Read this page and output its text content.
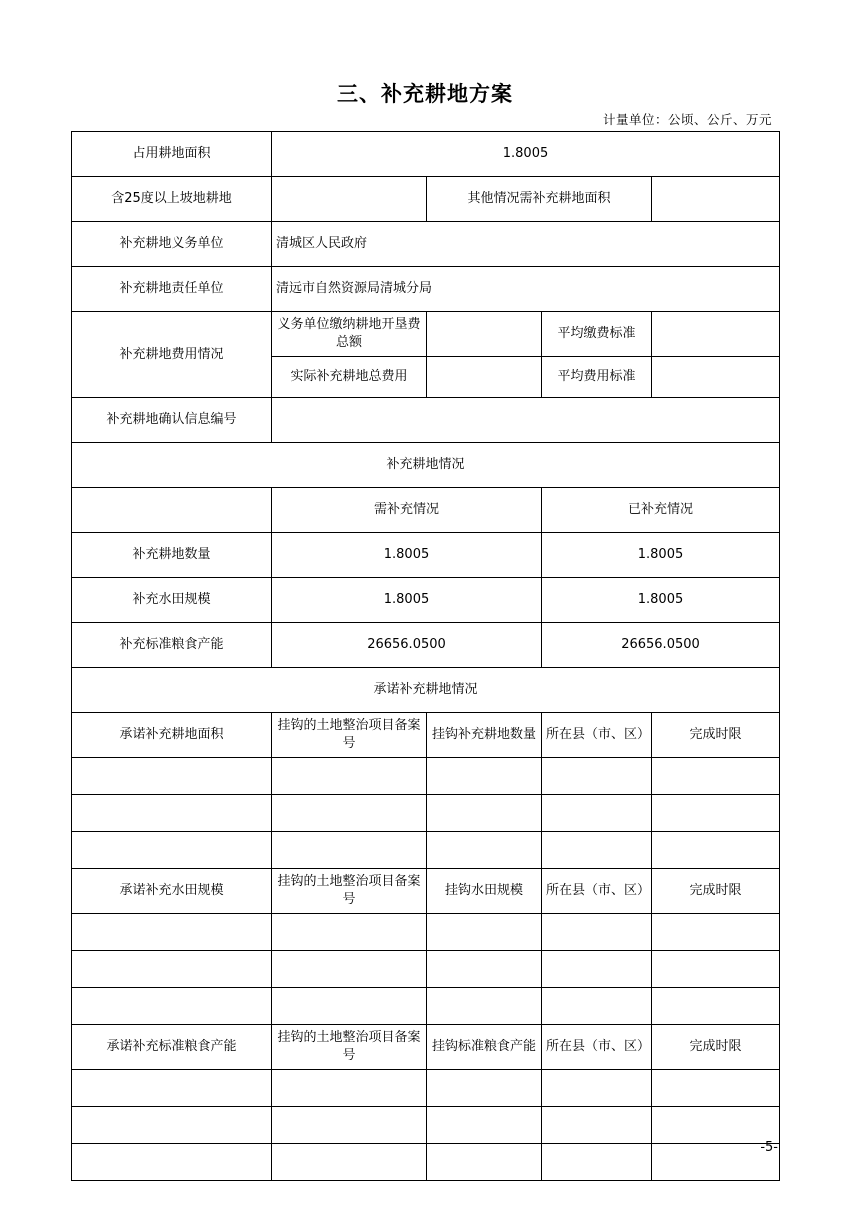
三、补充耕地方案
计量单位：公顷、公斤、万元
占用耕地面积	1.8005			
含25度以上坡地耕地		其他情况需补充耕地面积		
补充耕地义务单位	清城区人民政府			
补充耕地责任单位	清远市自然资源局清城分局			
补充耕地费用情况	义务单位缴纳耕地开垦费总额		平均缴费标准	
	实际补充耕地总费用		平均费用标准	
补充耕地确认信息编号				
补充耕地情况				
	需补充情况		已补充情况	
补充耕地数量	1.8005		1.8005	
补充水田规模	1.8005		1.8005	
补充标准粮食产能	26656.0500		26656.0500	
承诺补充耕地情况				
承诺补充耕地面积	挂钩的土地整治项目备案号	挂钩补充耕地数量	所在县（市、区）	完成时限

承诺补充水田规模	挂钩的土地整治项目备案号	挂钩水田规模	所在县（市、区）	完成时限

承诺补充标准粮食产能	挂钩的土地整治项目备案号	挂钩标准粮食产能	所在县（市、区）	完成时限

-5-
